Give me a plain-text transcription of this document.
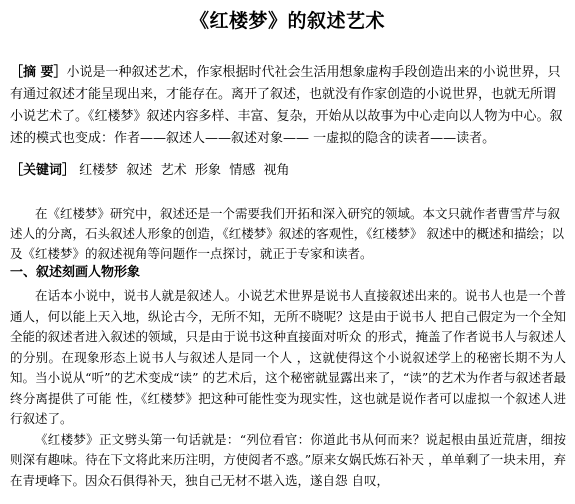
《红楼梦》的叙述艺术
［摘 要］小说是一种叙述艺术，作家根据时代社会生活用想象虚构手段创造出来的小说世界，只有通过叙述才能呈现出来，才能存在。离开了叙述，也就没有作家创造的小说世界，也就无所谓小说艺术了。《红楼梦》叙述内容多样、丰富、复杂，开始从以故事为中心走向以人物为中心。叙述的模式也变成：作者——叙述人——叙述对象—— 一虚拟的隐含的读者——读者。
［关键词］ 红楼梦  叙述  艺术  形象  情感  视角

在《红楼梦》研究中，叙述还是一个需要我们开拓和深入研究的领域。本文只就作者曹雪芹与叙述人的分离，石头叙述人形象的创造，《红楼梦》叙述的客观性，《红楼梦》 叙述中的概述和描绘；以及《红楼梦》的叙述视角等问题作一点探讨，就正于专家和读者。

一、叙述刻画人物形象

在话本小说中，说书人就是叙述人。小说艺术世界是说书人直接叙述出来的。说书人也是一个普通人，何以能上天入地，纵论古今，无所不知，无所不晓呢？这是由于说书人 把自己假定为一个全知全能的叙述者进入叙述的领域，只是由于说书这种直接面对听众 的形式，掩盖了作者说书人与叙述人的分别。在现象形态上说书人与叙述人是同一个人 ，这就使得这个小说叙述学上的秘密长期不为人知。当小说从“听”的艺术变成“读” 的艺术后，这个秘密就显露出来了，“读”的艺术为作者与叙述者最终分离提供了可能 性，《红楼梦》把这种可能性变为现实性，这也就是说作者可以虚拟一个叙述人进行叙述了。

《红楼梦》正文劈头第一句话就是：“列位看官：你道此书从何而来？说起根由虽近荒唐，细按则深有趣味。待在下文将此来历注明，方使阅者不惑。”原来女娲氏炼石补天 ，单单剩了一块未用，弃在青埂峰下。因众石俱得补天，独自己无材不堪入选，遂自怨 自叹，
